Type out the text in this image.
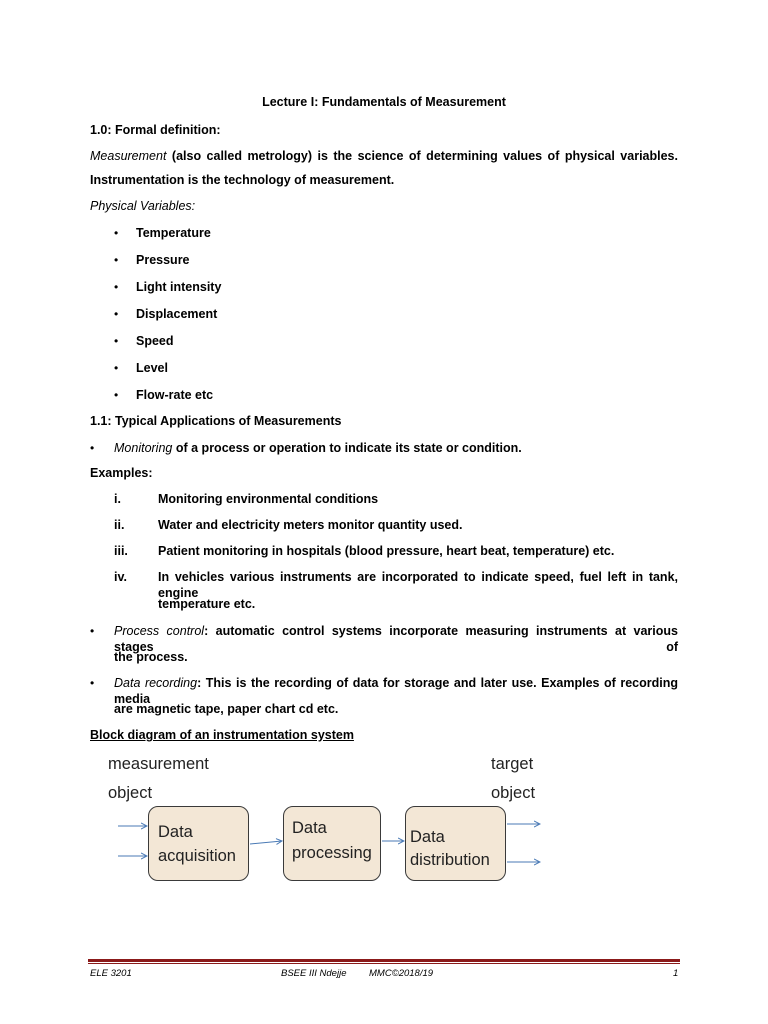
Lecture I: Fundamentals of Measurement
1.0: Formal definition:
Measurement (also called metrology) is the science of determining values of physical variables.
Instrumentation is the technology of measurement.
Physical Variables:
• Temperature
• Pressure
• Light intensity
• Displacement
• Speed
• Level
• Flow-rate etc
1.1: Typical Applications of Measurements
• Monitoring of a process or operation to indicate its state or condition.
Examples:
i.	Monitoring environmental conditions
ii.	Water and electricity meters monitor quantity used.
iii. Patient monitoring in hospitals (blood pressure, heart beat, temperature) etc.
iv. In vehicles various instruments are incorporated to indicate speed, fuel left in tank, engine
temperature etc.
• Process control: automatic control systems incorporate measuring instruments at various stages of
the process.
• Data recording: This is the recording of data for storage and later use. Examples of recording media
are magnetic tape, paper chart cd etc.
Block diagram of an instrumentation system
measurement
object
target
object
Data
acquisition
Data
processing
Data
distribution
ELE 3201	BSEE III Ndejje MMC©2018/19	1
